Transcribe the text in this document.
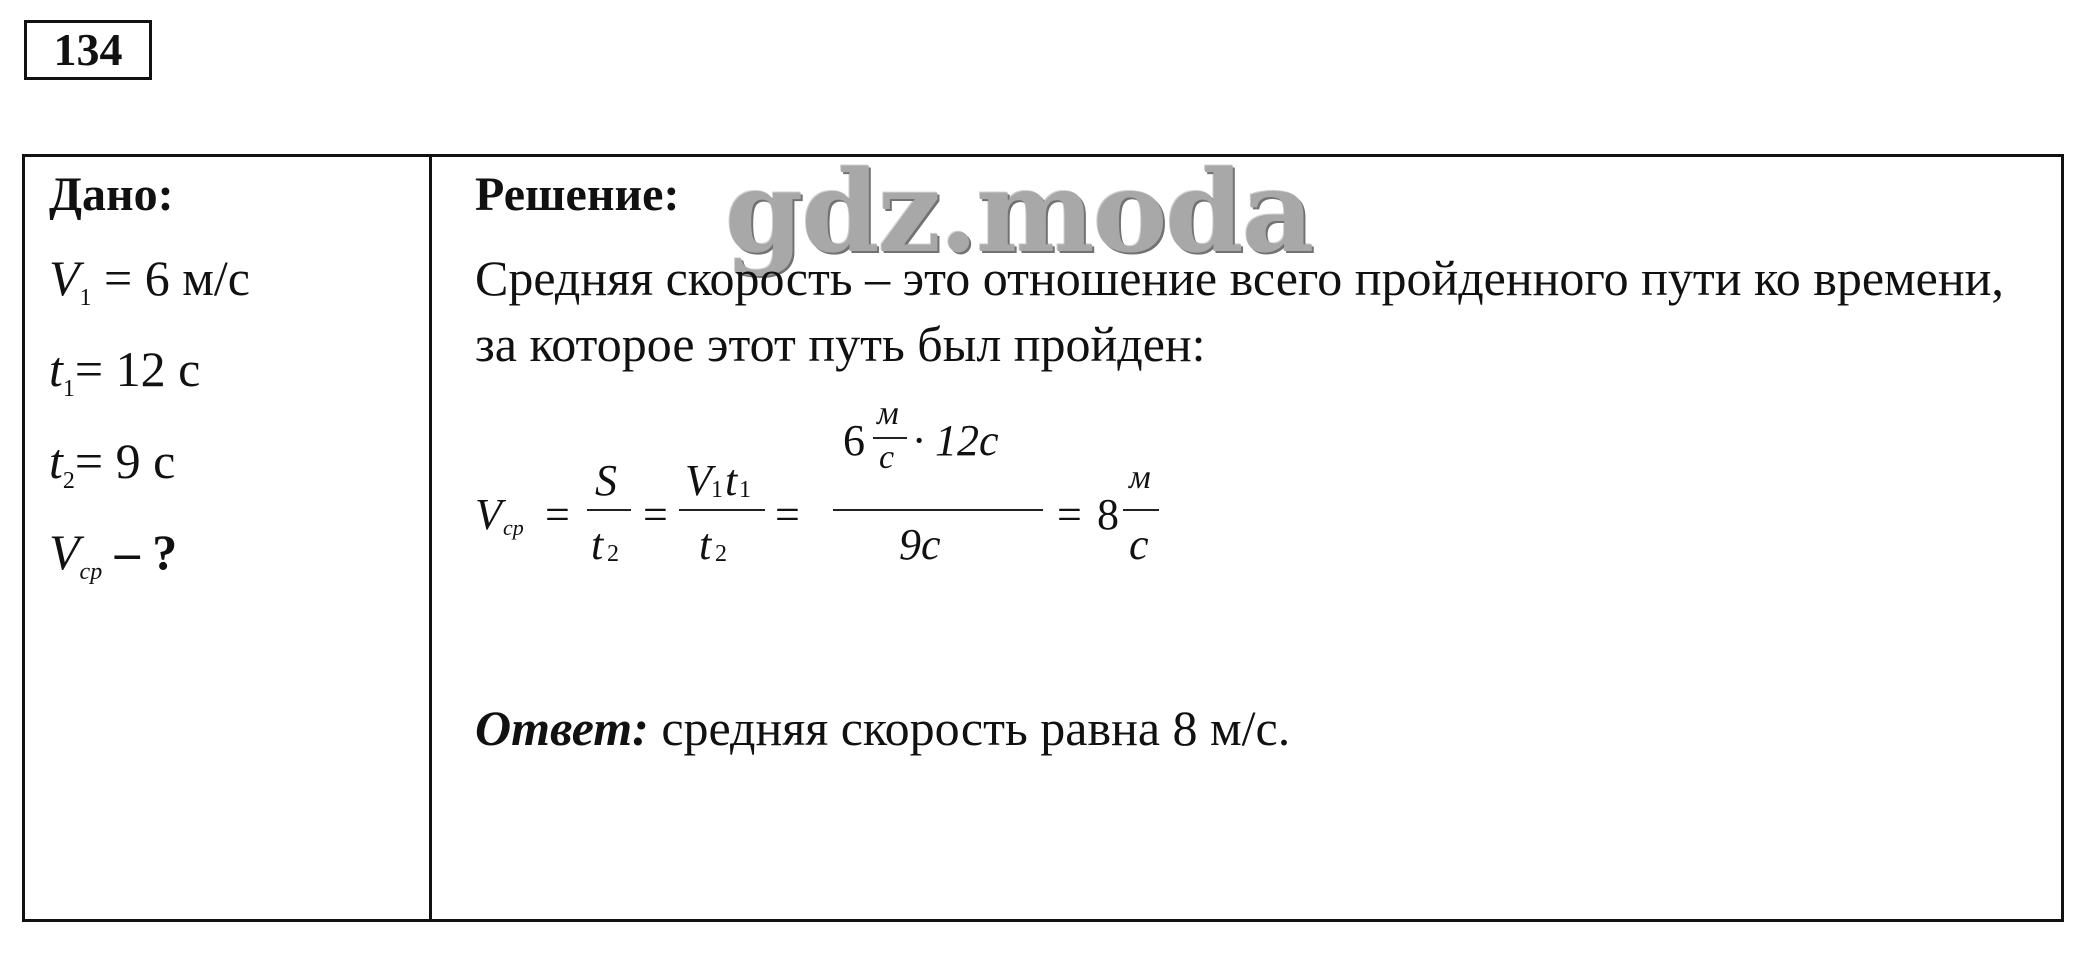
134
Дано:
$V_1 = 6$ м/с
$t_1= 12$ с
$t_2= 9$ с
$V_{ср}$ – ?
Решение: gdz.moda
Средняя скорость – это отношение всего пройденного пути ко времени, за которое этот путь был пройден:
V ср =
S
t 2
=
V 1 t 1
t 2
=
6
м
с · 12с
9с
= 8
м
с
Ответ: средняя скорость равна 8 м/с.
